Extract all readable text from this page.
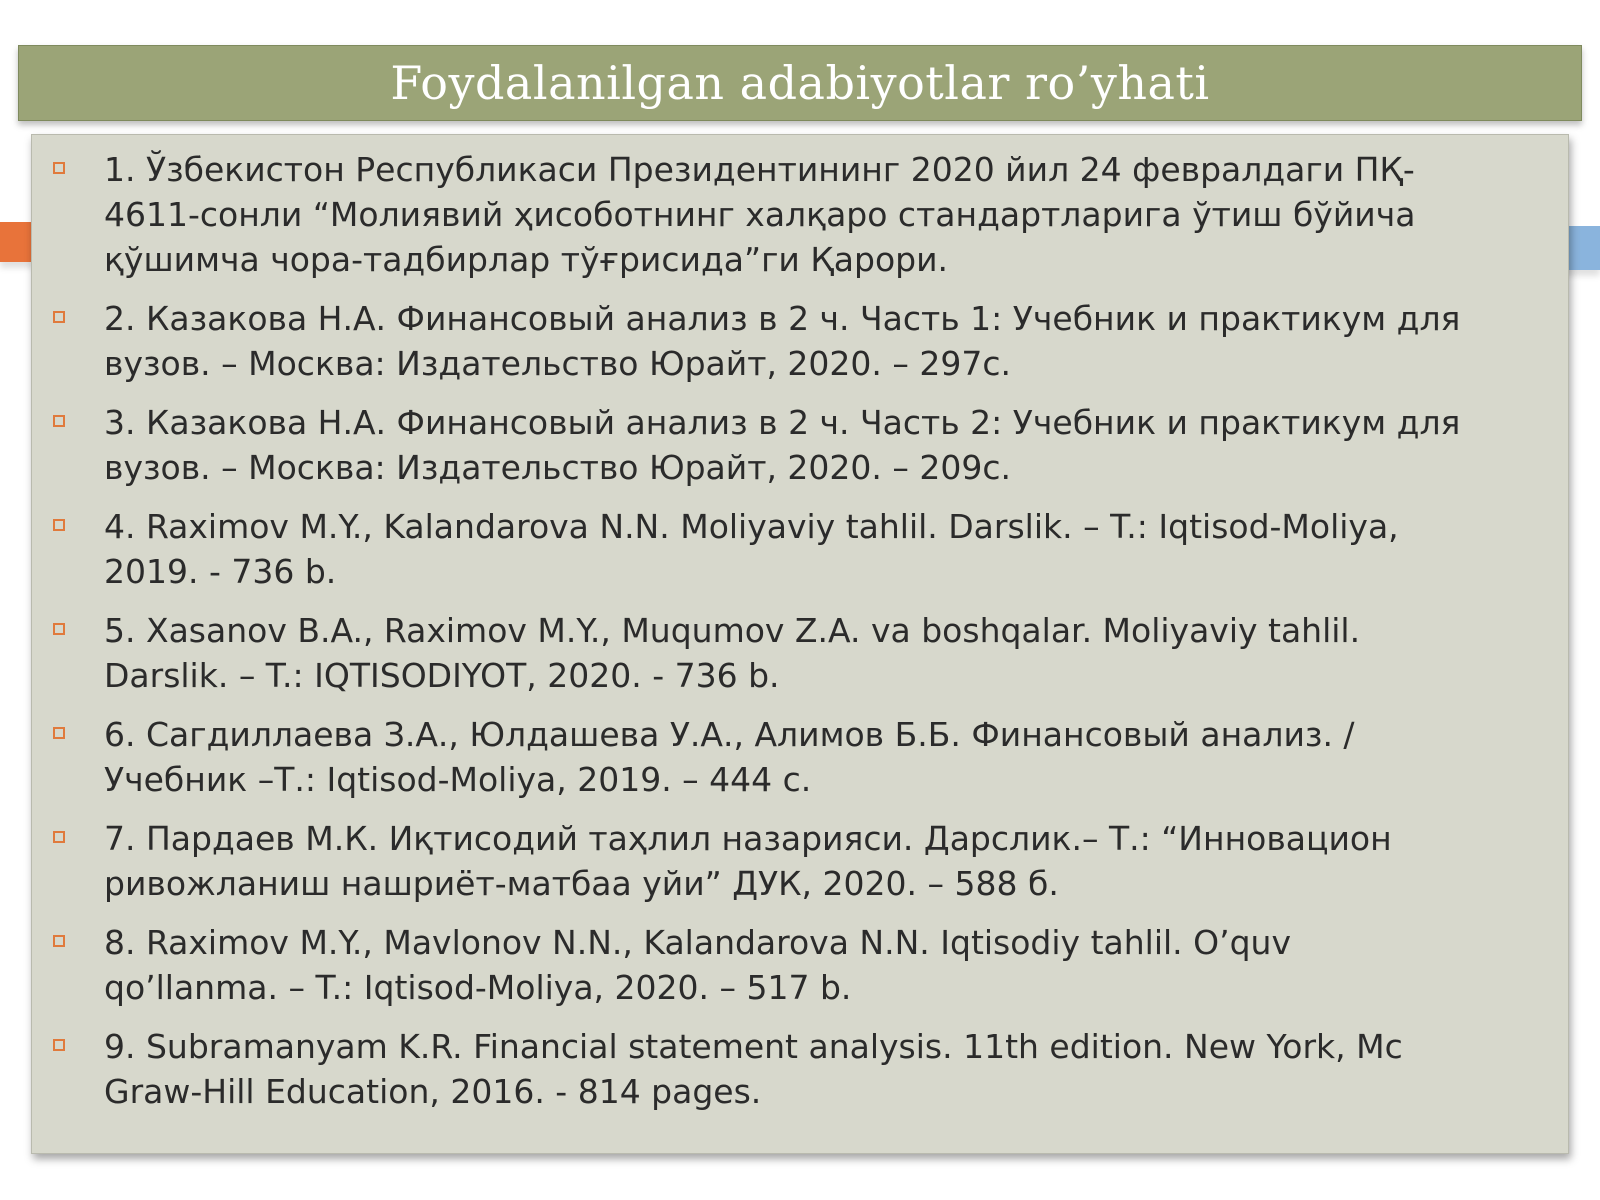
Foydalanilgan adabiyotlar ro’yhati
1. Ўзбекистон Республикаси Президентининг 2020 йил 24 февралдаги ПҚ-
4611-сонли “Молиявий ҳисоботнинг халқаро стандартларига ўтиш бўйича
қўшимча чора-тадбирлар тўғрисида”ги Қарори.
2. Казакова Н.А. Финансовый анализ в 2 ч. Часть 1: Учебник и практикум для
вузов. – Москва: Издательство Юрайт, 2020. – 297с.
3. Казакова Н.А. Финансовый анализ в 2 ч. Часть 2: Учебник и практикум для
вузов. – Москва: Издательство Юрайт, 2020. – 209с.
4. Raximov M.Y., Kalandarova N.N. Moliyaviy tahlil. Darslik. – T.: Iqtisod-Moliya,
2019. - 736 b.
5. Xasanov B.A., Raximov M.Y., Muqumov Z.A. va boshqalar. Moliyaviy tahlil.
Darslik. – T.: IQTISODIYOT, 2020. - 736 b.
6. Сагдиллаева З.А., Юлдашева У.А., Алимов Б.Б. Финансовый анализ. /
Учебник –Т.: Iqtisod-Moliya, 2019. – 444 с.
7. Пардаев М.К. Иқтисодий таҳлил назарияси. Дарслик.– Т.: “Инновацион
ривожланиш нашриёт-матбаа уйи” ДУК, 2020. – 588 б.
8. Raximov M.Y., Mavlonov N.N., Kalandarova N.N. Iqtisodiy tahlil. O’quv
qo’llanma. – T.: Iqtisod-Moliya, 2020. – 517 b.
9. Subramanyam K.R. Financial statement analysis. 11th edition. New York, Mc
Graw-Hill Education, 2016. - 814 pages.
